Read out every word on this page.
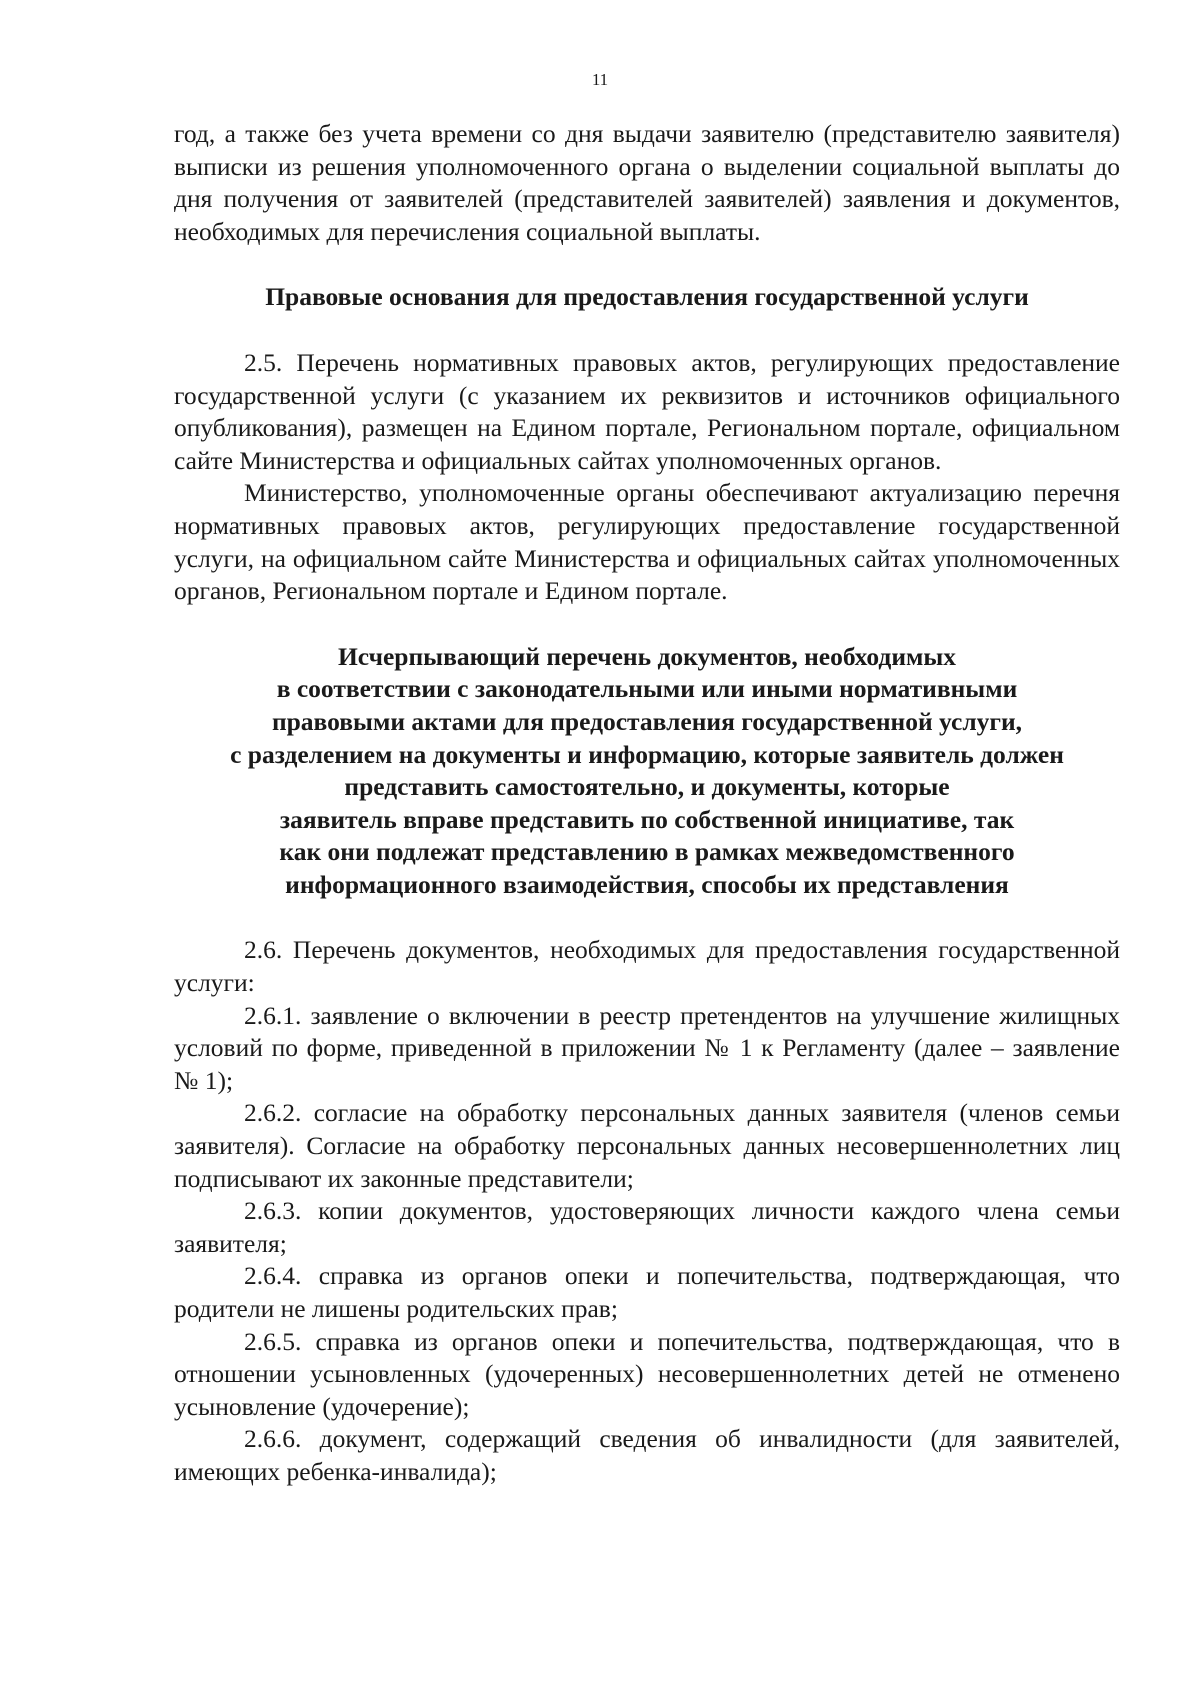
11

год, а также без учета времени со дня выдачи заявителю (представителю заявителя) выписки из решения уполномоченного органа о выделении социальной выплаты до дня получения от заявителей (представителей заявителей) заявления и документов, необходимых для перечисления социальной выплаты.

Правовые основания для предоставления государственной услуги

2.5. Перечень нормативных правовых актов, регулирующих предоставление государственной услуги (с указанием их реквизитов и источников официального опубликования), размещен на Едином портале, Региональном портале, официальном сайте Министерства и официальных сайтах уполномоченных органов.

Министерство, уполномоченные органы обеспечивают актуализацию перечня нормативных правовых актов, регулирующих предоставление государственной услуги, на официальном сайте Министерства и официальных сайтах уполномоченных органов, Региональном портале и Едином портале.

Исчерпывающий перечень документов, необходимых
в соответствии с законодательными или иными нормативными
правовыми актами для предоставления государственной услуги,
с разделением на документы и информацию, которые заявитель должен
представить самостоятельно, и документы, которые
заявитель вправе представить по собственной инициативе, так
как они подлежат представлению в рамках межведомственного
информационного взаимодействия, способы их представления

2.6. Перечень документов, необходимых для предоставления государственной услуги:

2.6.1. заявление о включении в реестр претендентов на улучшение жилищных условий по форме, приведенной в приложении № 1 к Регламенту (далее – заявление № 1);

2.6.2. согласие на обработку персональных данных заявителя (членов семьи заявителя). Согласие на обработку персональных данных несовершеннолетних лиц подписывают их законные представители;

2.6.3. копии документов, удостоверяющих личности каждого члена семьи заявителя;

2.6.4. справка из органов опеки и попечительства, подтверждающая, что родители не лишены родительских прав;

2.6.5. справка из органов опеки и попечительства, подтверждающая, что в отношении усыновленных (удочеренных) несовершеннолетних детей не отменено усыновление (удочерение);

2.6.6. документ, содержащий сведения об инвалидности (для заявителей, имеющих ребенка-инвалида);
